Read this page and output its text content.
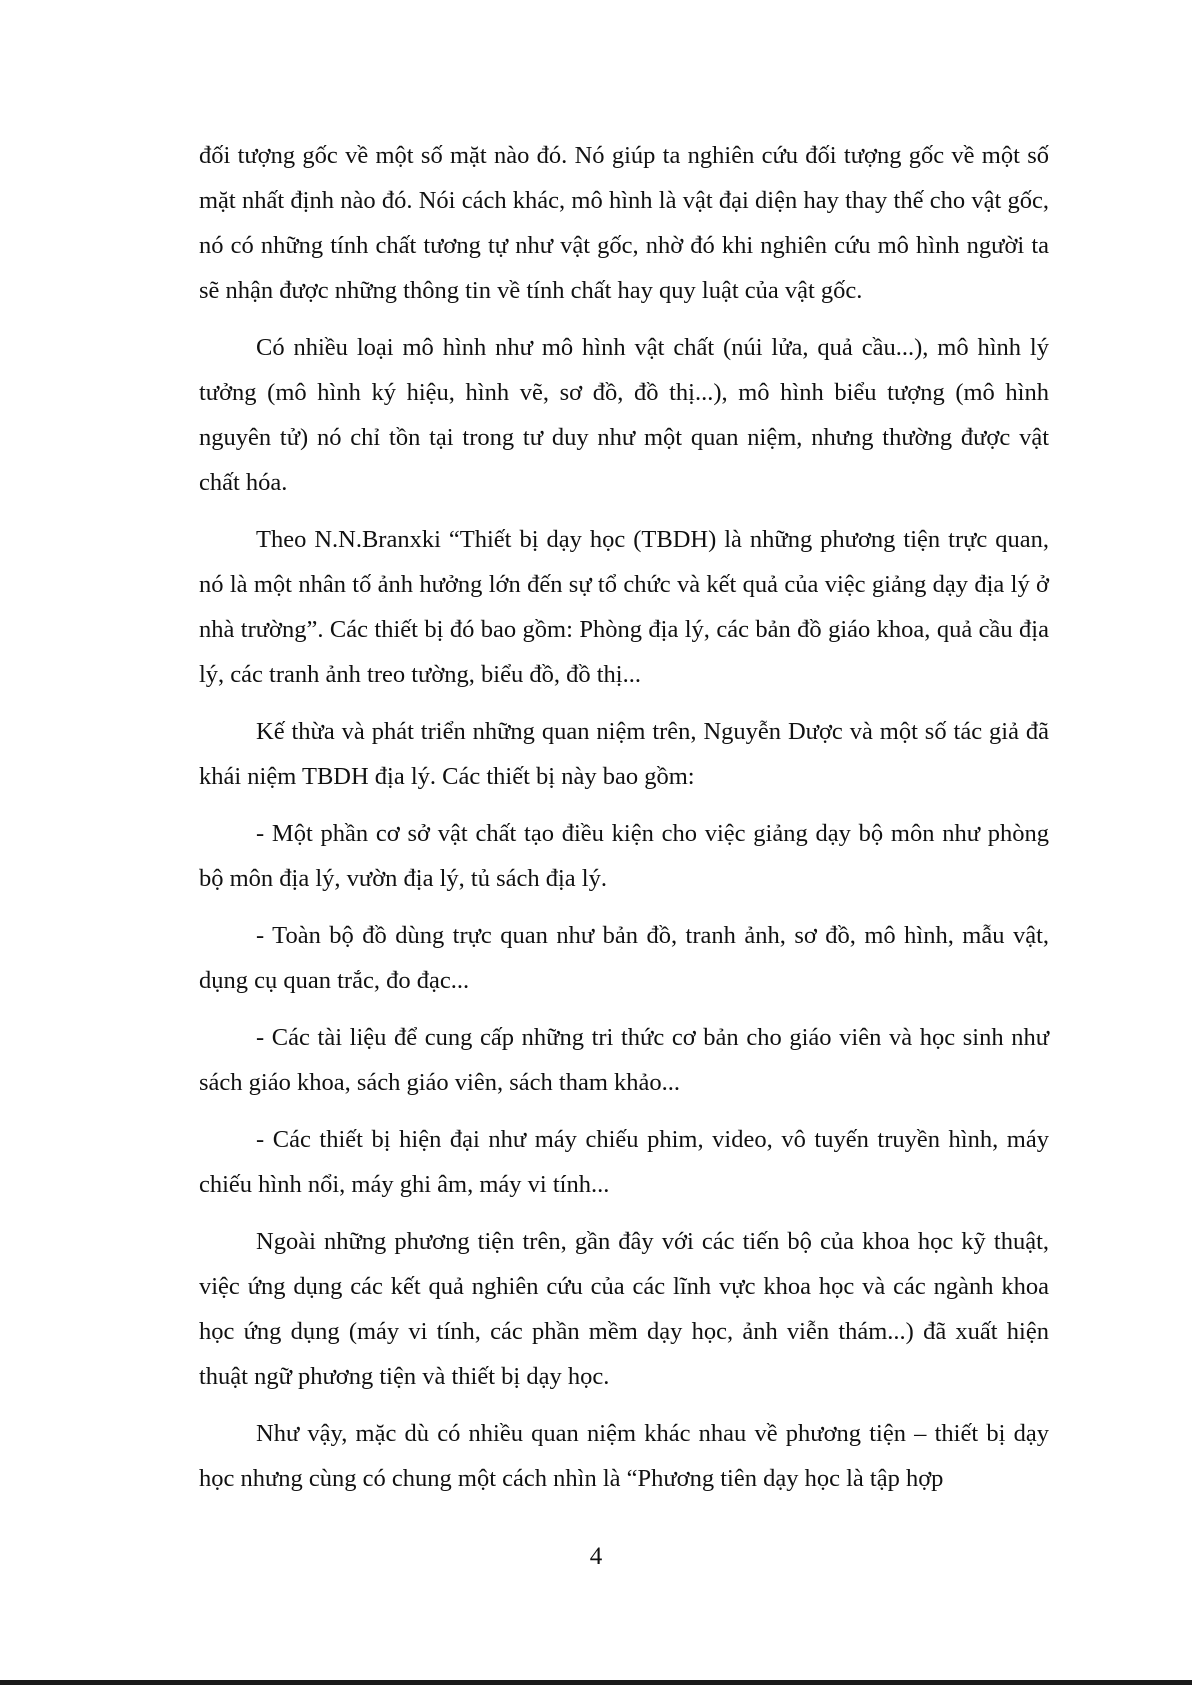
đối tượng gốc về một số mặt nào đó. Nó giúp ta nghiên cứu đối tượng gốc về một số mặt nhất định nào đó. Nói cách khác, mô hình là vật đại diện hay thay thế cho vật gốc, nó có những tính chất tương tự như vật gốc, nhờ đó khi nghiên cứu mô hình người ta sẽ nhận được những thông tin về tính chất hay quy luật của vật gốc.

Có nhiều loại mô hình như mô hình vật chất (núi lửa, quả cầu...), mô hình lý tưởng (mô hình ký hiệu, hình vẽ, sơ đồ, đồ thị...), mô hình biểu tượng (mô hình nguyên tử) nó chỉ tồn tại trong tư duy như một quan niệm, nhưng thường được vật chất hóa.

Theo N.N.Branxki “Thiết bị dạy học (TBDH) là những phương tiện trực quan, nó là một nhân tố ảnh hưởng lớn đến sự tổ chức và kết quả của việc giảng dạy địa lý ở nhà trường”. Các thiết bị đó bao gồm: Phòng địa lý, các bản đồ giáo khoa, quả cầu địa lý, các tranh ảnh treo tường, biểu đồ, đồ thị...

Kế thừa và phát triển những quan niệm trên, Nguyễn Dược và một số tác giả đã khái niệm TBDH địa lý. Các thiết bị này bao gồm:

- Một phần cơ sở vật chất tạo điều kiện cho việc giảng dạy bộ môn như phòng bộ môn địa lý, vườn địa lý, tủ sách địa lý.

- Toàn bộ đồ dùng trực quan như bản đồ, tranh ảnh, sơ đồ, mô hình, mẫu vật, dụng cụ quan trắc, đo đạc...

- Các tài liệu để cung cấp những tri thức cơ bản cho giáo viên và học sinh như sách giáo khoa, sách giáo viên, sách tham khảo...

- Các thiết bị hiện đại như máy chiếu phim, video, vô tuyến truyền hình, máy chiếu hình nổi, máy ghi âm, máy vi tính...

Ngoài những phương tiện trên, gần đây với các tiến bộ của khoa học kỹ thuật, việc ứng dụng các kết quả nghiên cứu của các lĩnh vực khoa học và các ngành khoa học ứng dụng (máy vi tính, các phần mềm dạy học, ảnh viễn thám...) đã xuất hiện thuật ngữ phương tiện và thiết bị dạy học.

Như vậy, mặc dù có nhiều quan niệm khác nhau về phương tiện – thiết bị dạy học nhưng cùng có chung một cách nhìn là “Phương tiên dạy học là tập hợp

4
